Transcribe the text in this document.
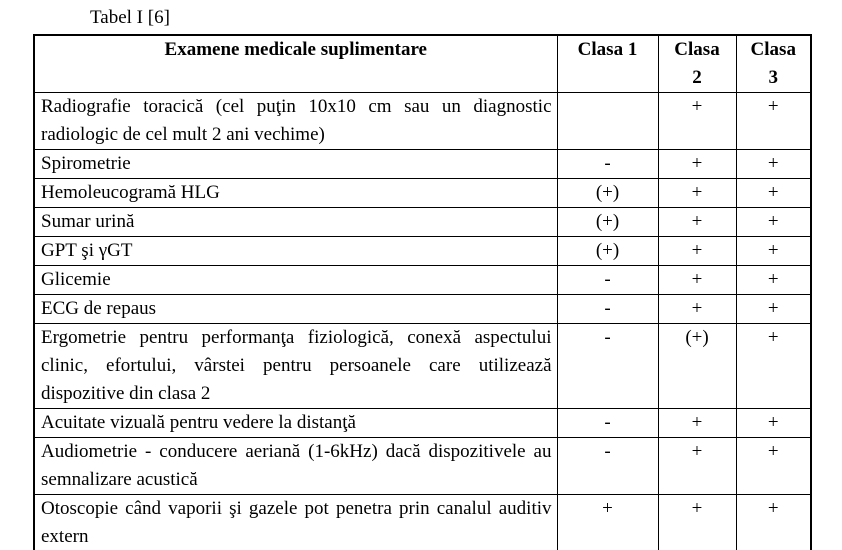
Tabel I [6]
Examene medicale suplimentare	Clasa 1	Clasa 2	Clasa 3
Radiografie toracică (cel puţin 10x10 cm sau un diagnostic radiologic de cel mult 2 ani vechime)		+	+
Spirometrie	-	+	+
Hemoleucogramă HLG	(+)	+	+
Sumar urină	(+)	+	+
GPT şi γGT	(+)	+	+
Glicemie	-	+	+
ECG de repaus	-	+	+
Ergometrie pentru performanţa fiziologică, conexă aspectului clinic, efortului, vârstei pentru persoanele care utilizează dispozitive din clasa 2	-	(+)	+
Acuitate vizuală pentru vedere la distanţă	-	+	+
Audiometrie - conducere aeriană (1-6kHz) dacă dispozitivele au semnalizare acustică	-	+	+
Otoscopie când vaporii şi gazele pot penetra prin canalul auditiv extern	+	+	+
